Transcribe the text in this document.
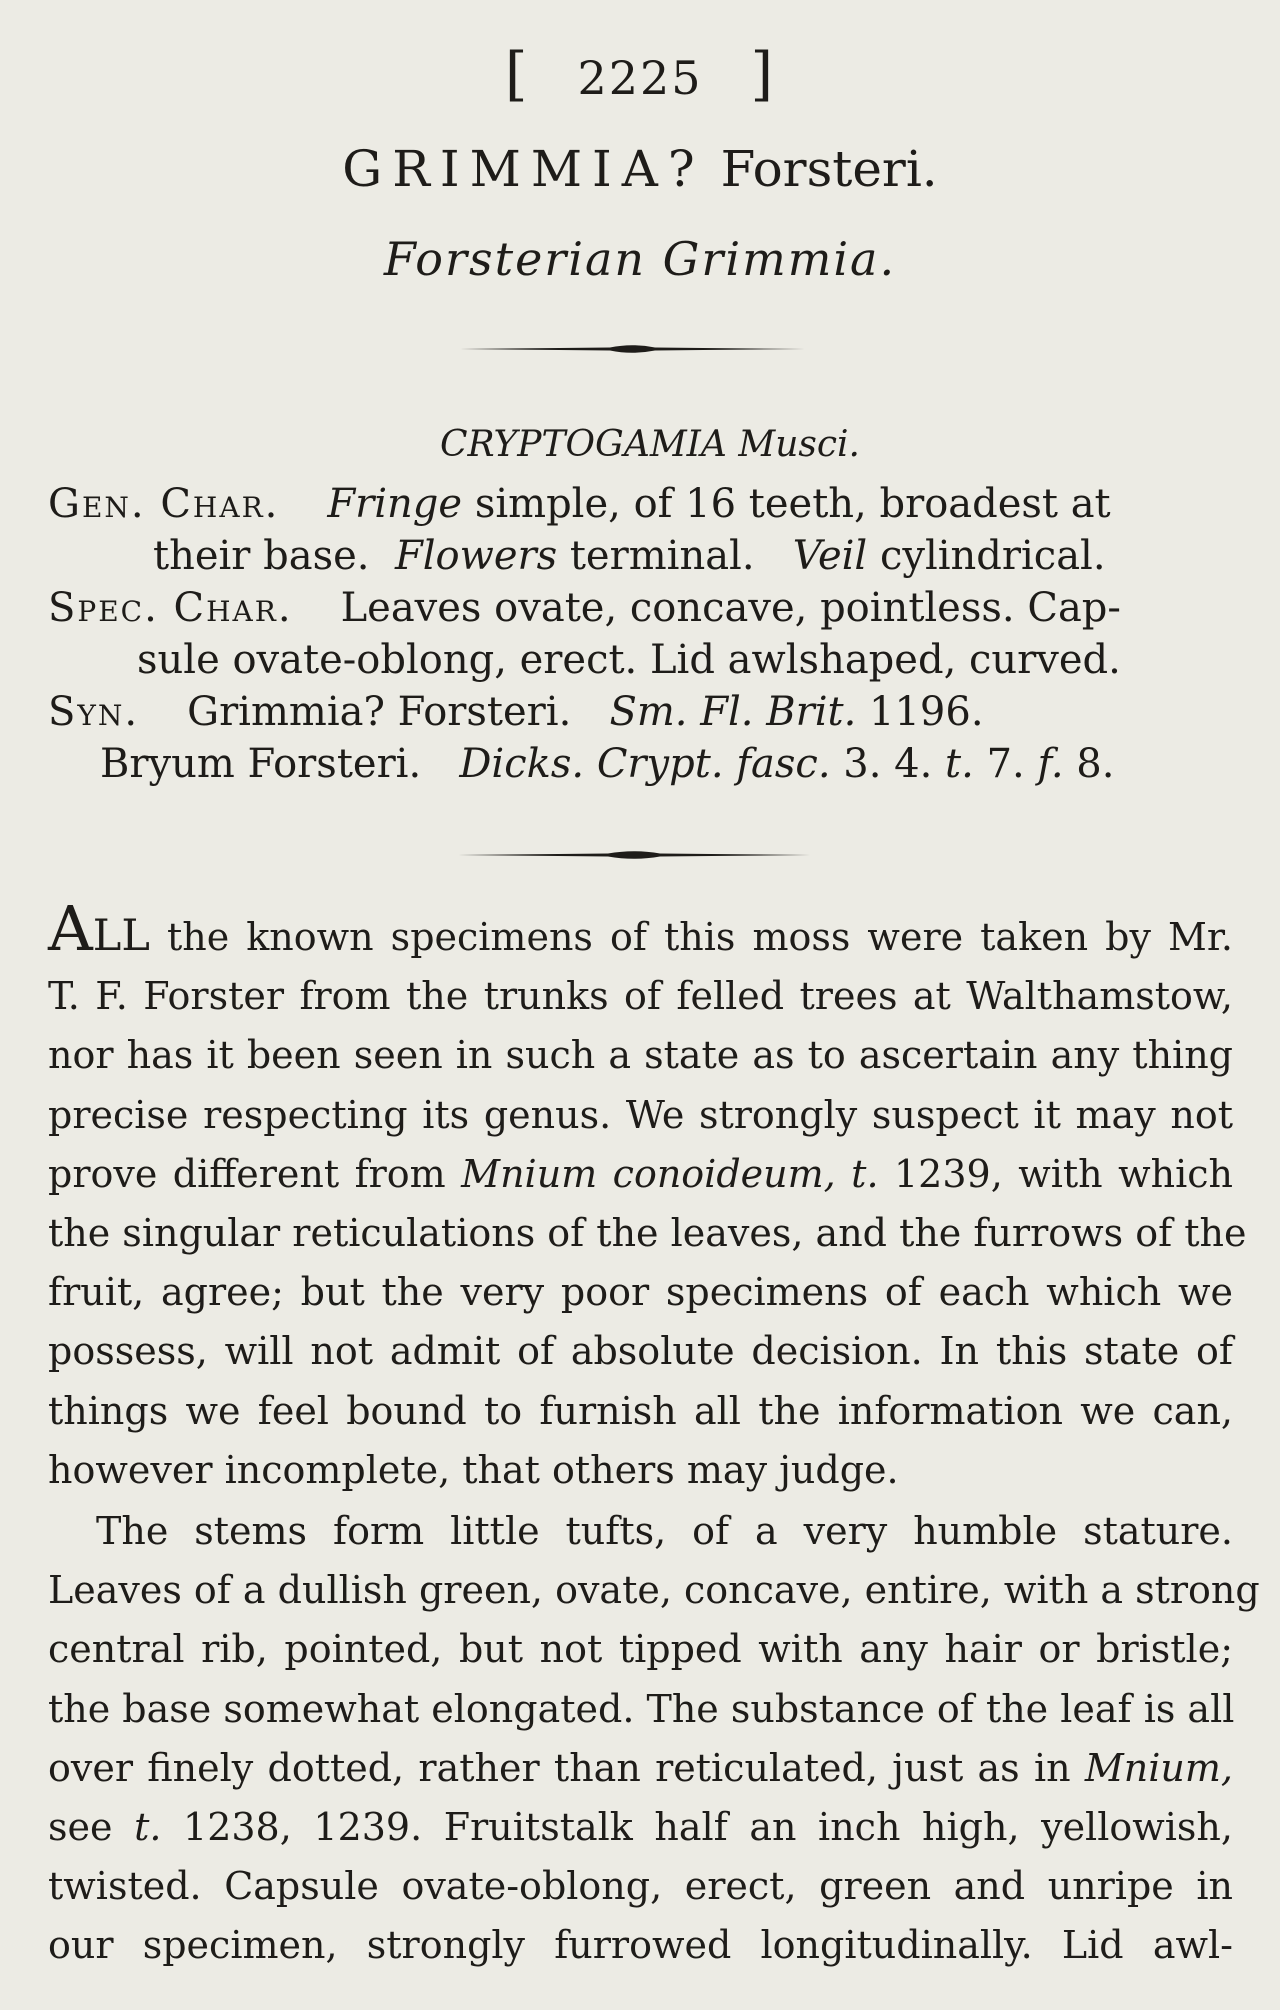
[ 2225 ]
GRIMMIA? Forsteri.
Forsterian Grimmia.
CRYPTOGAMIA Musci.
Gen. Char. Fringe simple, of 16 teeth, broadest at
their base. Flowers terminal. Veil cylindrical.
Spec. Char. Leaves ovate, concave, pointless. Cap-
sule ovate-oblong, erect. Lid awlshaped, curved.
Syn. Grimmia? Forsteri. Sm. Fl. Brit. 1196.
Bryum Forsteri. Dicks. Crypt. fasc. 3. 4. t. 7. f. 8.
All the known specimens of this moss were taken by Mr.
T. F. Forster from the trunks of felled trees at Walthamstow,
nor has it been seen in such a state as to ascertain any thing
precise respecting its genus. We strongly suspect it may not
prove different from Mnium conoideum, t. 1239, with which
the singular reticulations of the leaves, and the furrows of the
fruit, agree; but the very poor specimens of each which we
possess, will not admit of absolute decision. In this state of
things we feel bound to furnish all the information we can,
however incomplete, that others may judge.
The stems form little tufts, of a very humble stature.
Leaves of a dullish green, ovate, concave, entire, with a strong
central rib, pointed, but not tipped with any hair or bristle;
the base somewhat elongated. The substance of the leaf is all
over finely dotted, rather than reticulated, just as in Mnium,
see t. 1238, 1239. Fruitstalk half an inch high, yellowish,
twisted. Capsule ovate-oblong, erect, green and unripe in
our specimen, strongly furrowed longitudinally. Lid awl-
